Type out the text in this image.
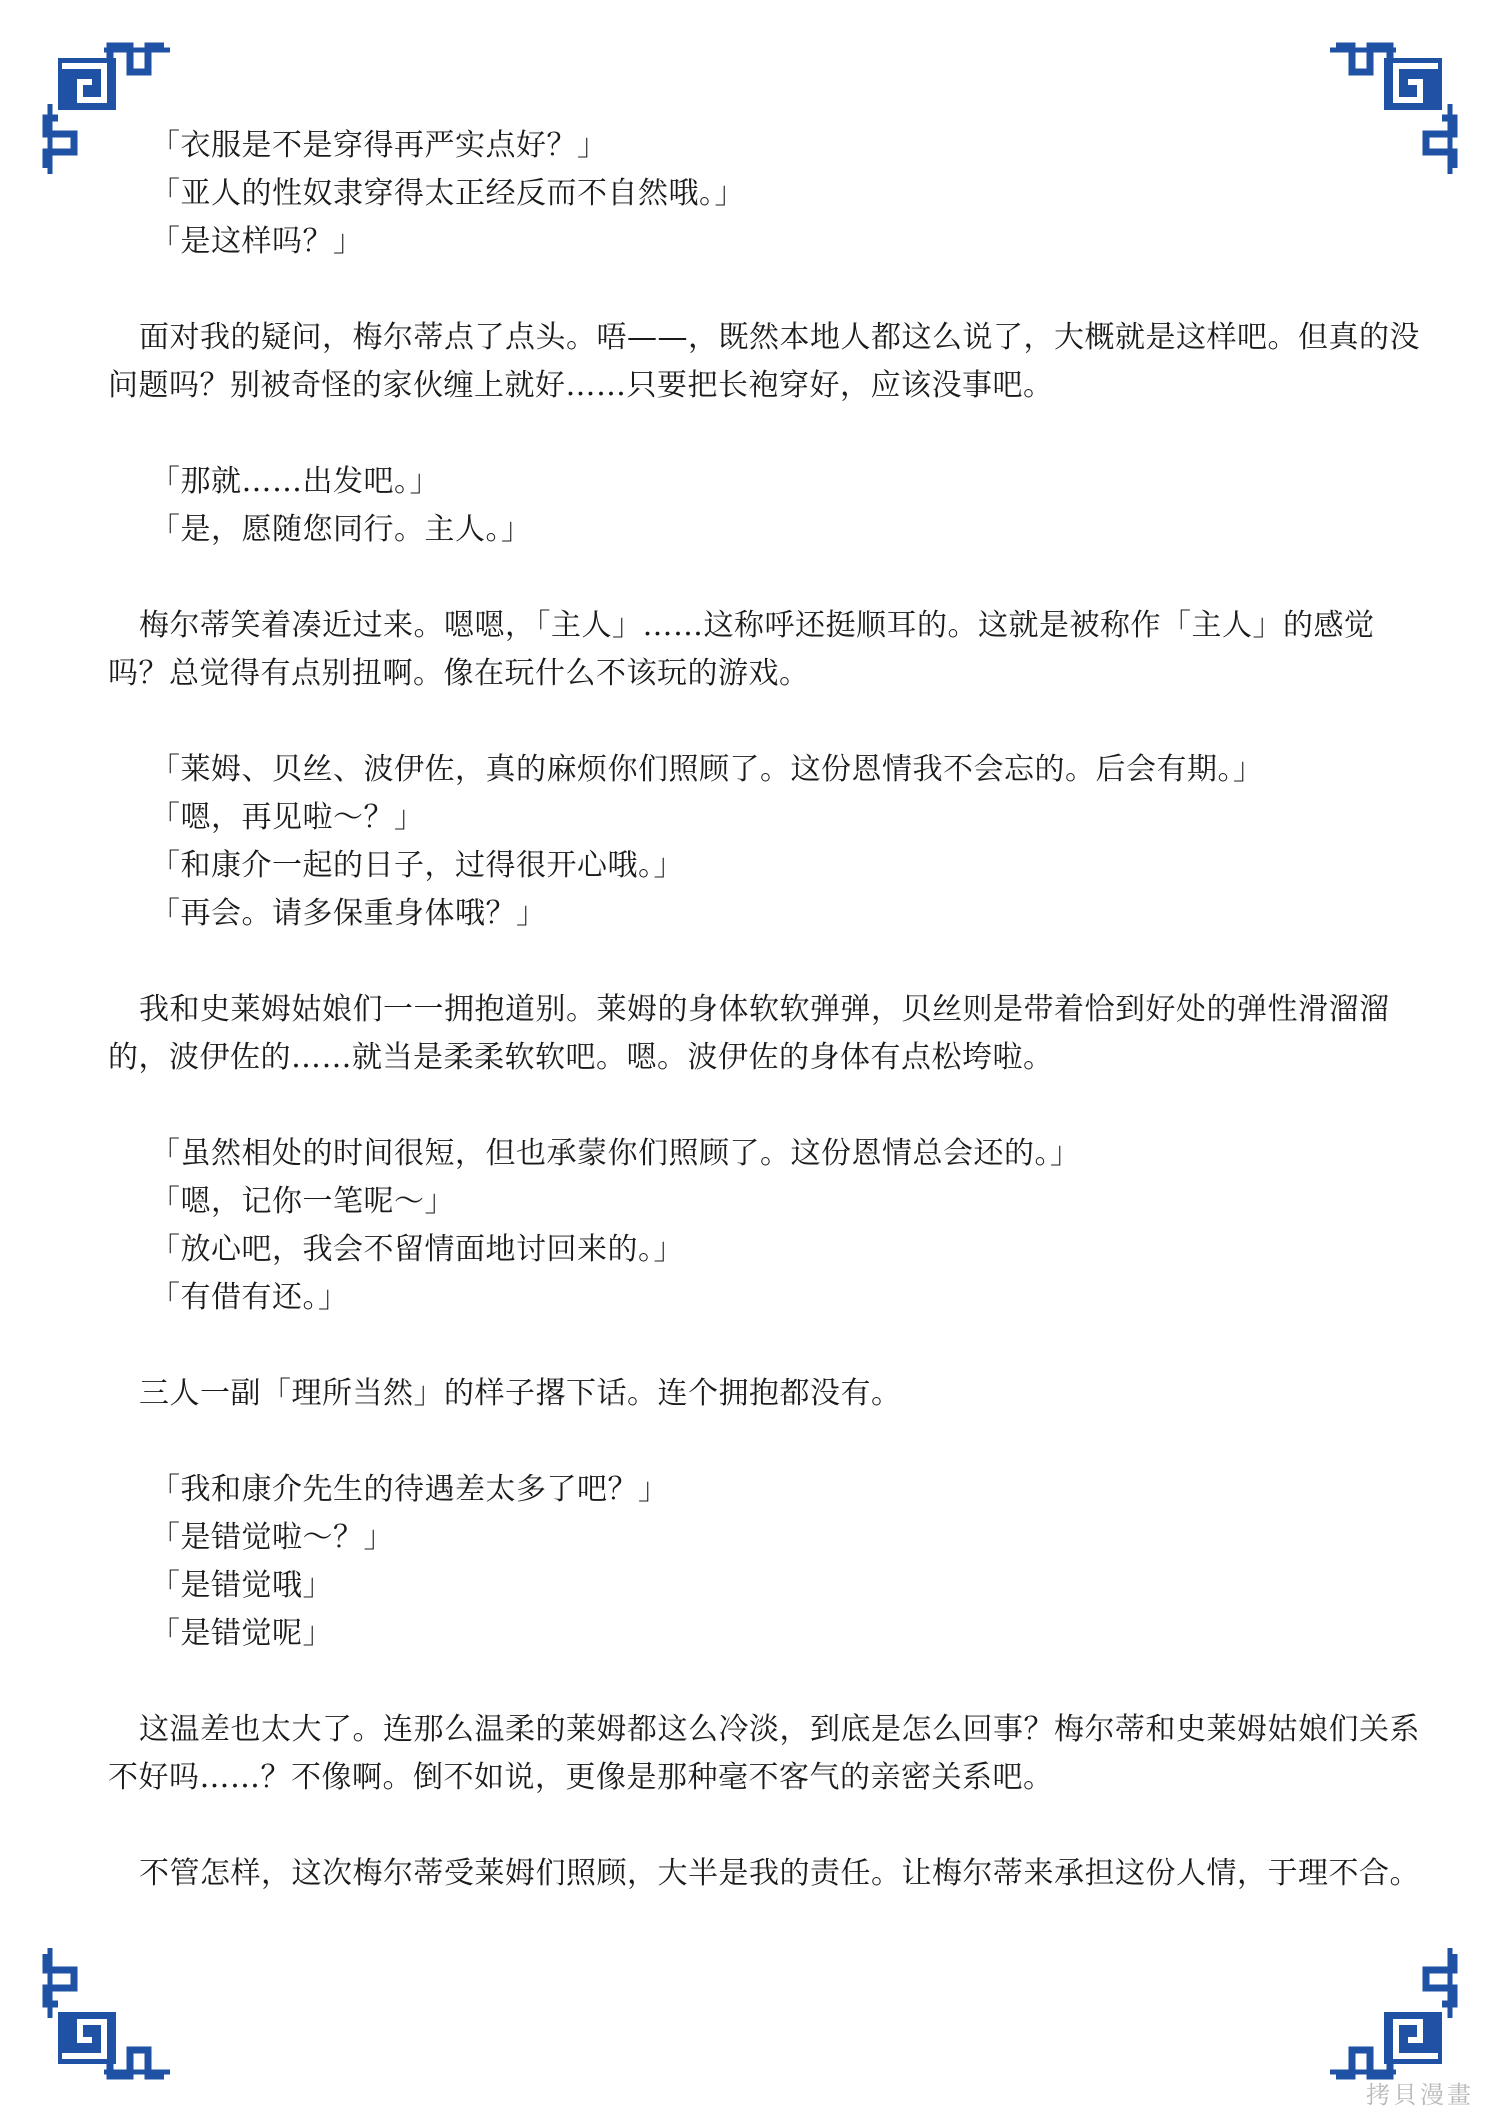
「衣服是不是穿得再严实点好？」

「亚人的性奴隶穿得太正经反而不自然哦。」

「是这样吗？」

面对我的疑问，梅尔蒂点了点头。唔——，既然本地人都这么说了，大概就是这样吧。但真的没问题吗？别被奇怪的家伙缠上就好……只要把长袍穿好，应该没事吧。

「那就……出发吧。」

「是，愿随您同行。主人。」

梅尔蒂笑着凑近过来。嗯嗯，「主人」……这称呼还挺顺耳的。这就是被称作「主人」的感觉吗？总觉得有点别扭啊。像在玩什么不该玩的游戏。

「莱姆、贝丝、波伊佐，真的麻烦你们照顾了。这份恩情我不会忘的。后会有期。」

「嗯，再见啦～？」

「和康介一起的日子，过得很开心哦。」

「再会。请多保重身体哦？」

我和史莱姆姑娘们一一拥抱道别。莱姆的身体软软弹弹，贝丝则是带着恰到好处的弹性滑溜溜的，波伊佐的……就当是柔柔软软吧。嗯。波伊佐的身体有点松垮啦。

「虽然相处的时间很短，但也承蒙你们照顾了。这份恩情总会还的。」

「嗯，记你一笔呢～」

「放心吧，我会不留情面地讨回来的。」

「有借有还。」

三人一副「理所当然」的样子撂下话。连个拥抱都没有。

「我和康介先生的待遇差太多了吧？」

「是错觉啦～？」

「是错觉哦」

「是错觉呢」

这温差也太大了。连那么温柔的莱姆都这么冷淡，到底是怎么回事？梅尔蒂和史莱姆姑娘们关系不好吗……？不像啊。倒不如说，更像是那种毫不客气的亲密关系吧。

不管怎样，这次梅尔蒂受莱姆们照顾，大半是我的责任。让梅尔蒂来承担这份人情，于理不合。

拷貝漫畫
